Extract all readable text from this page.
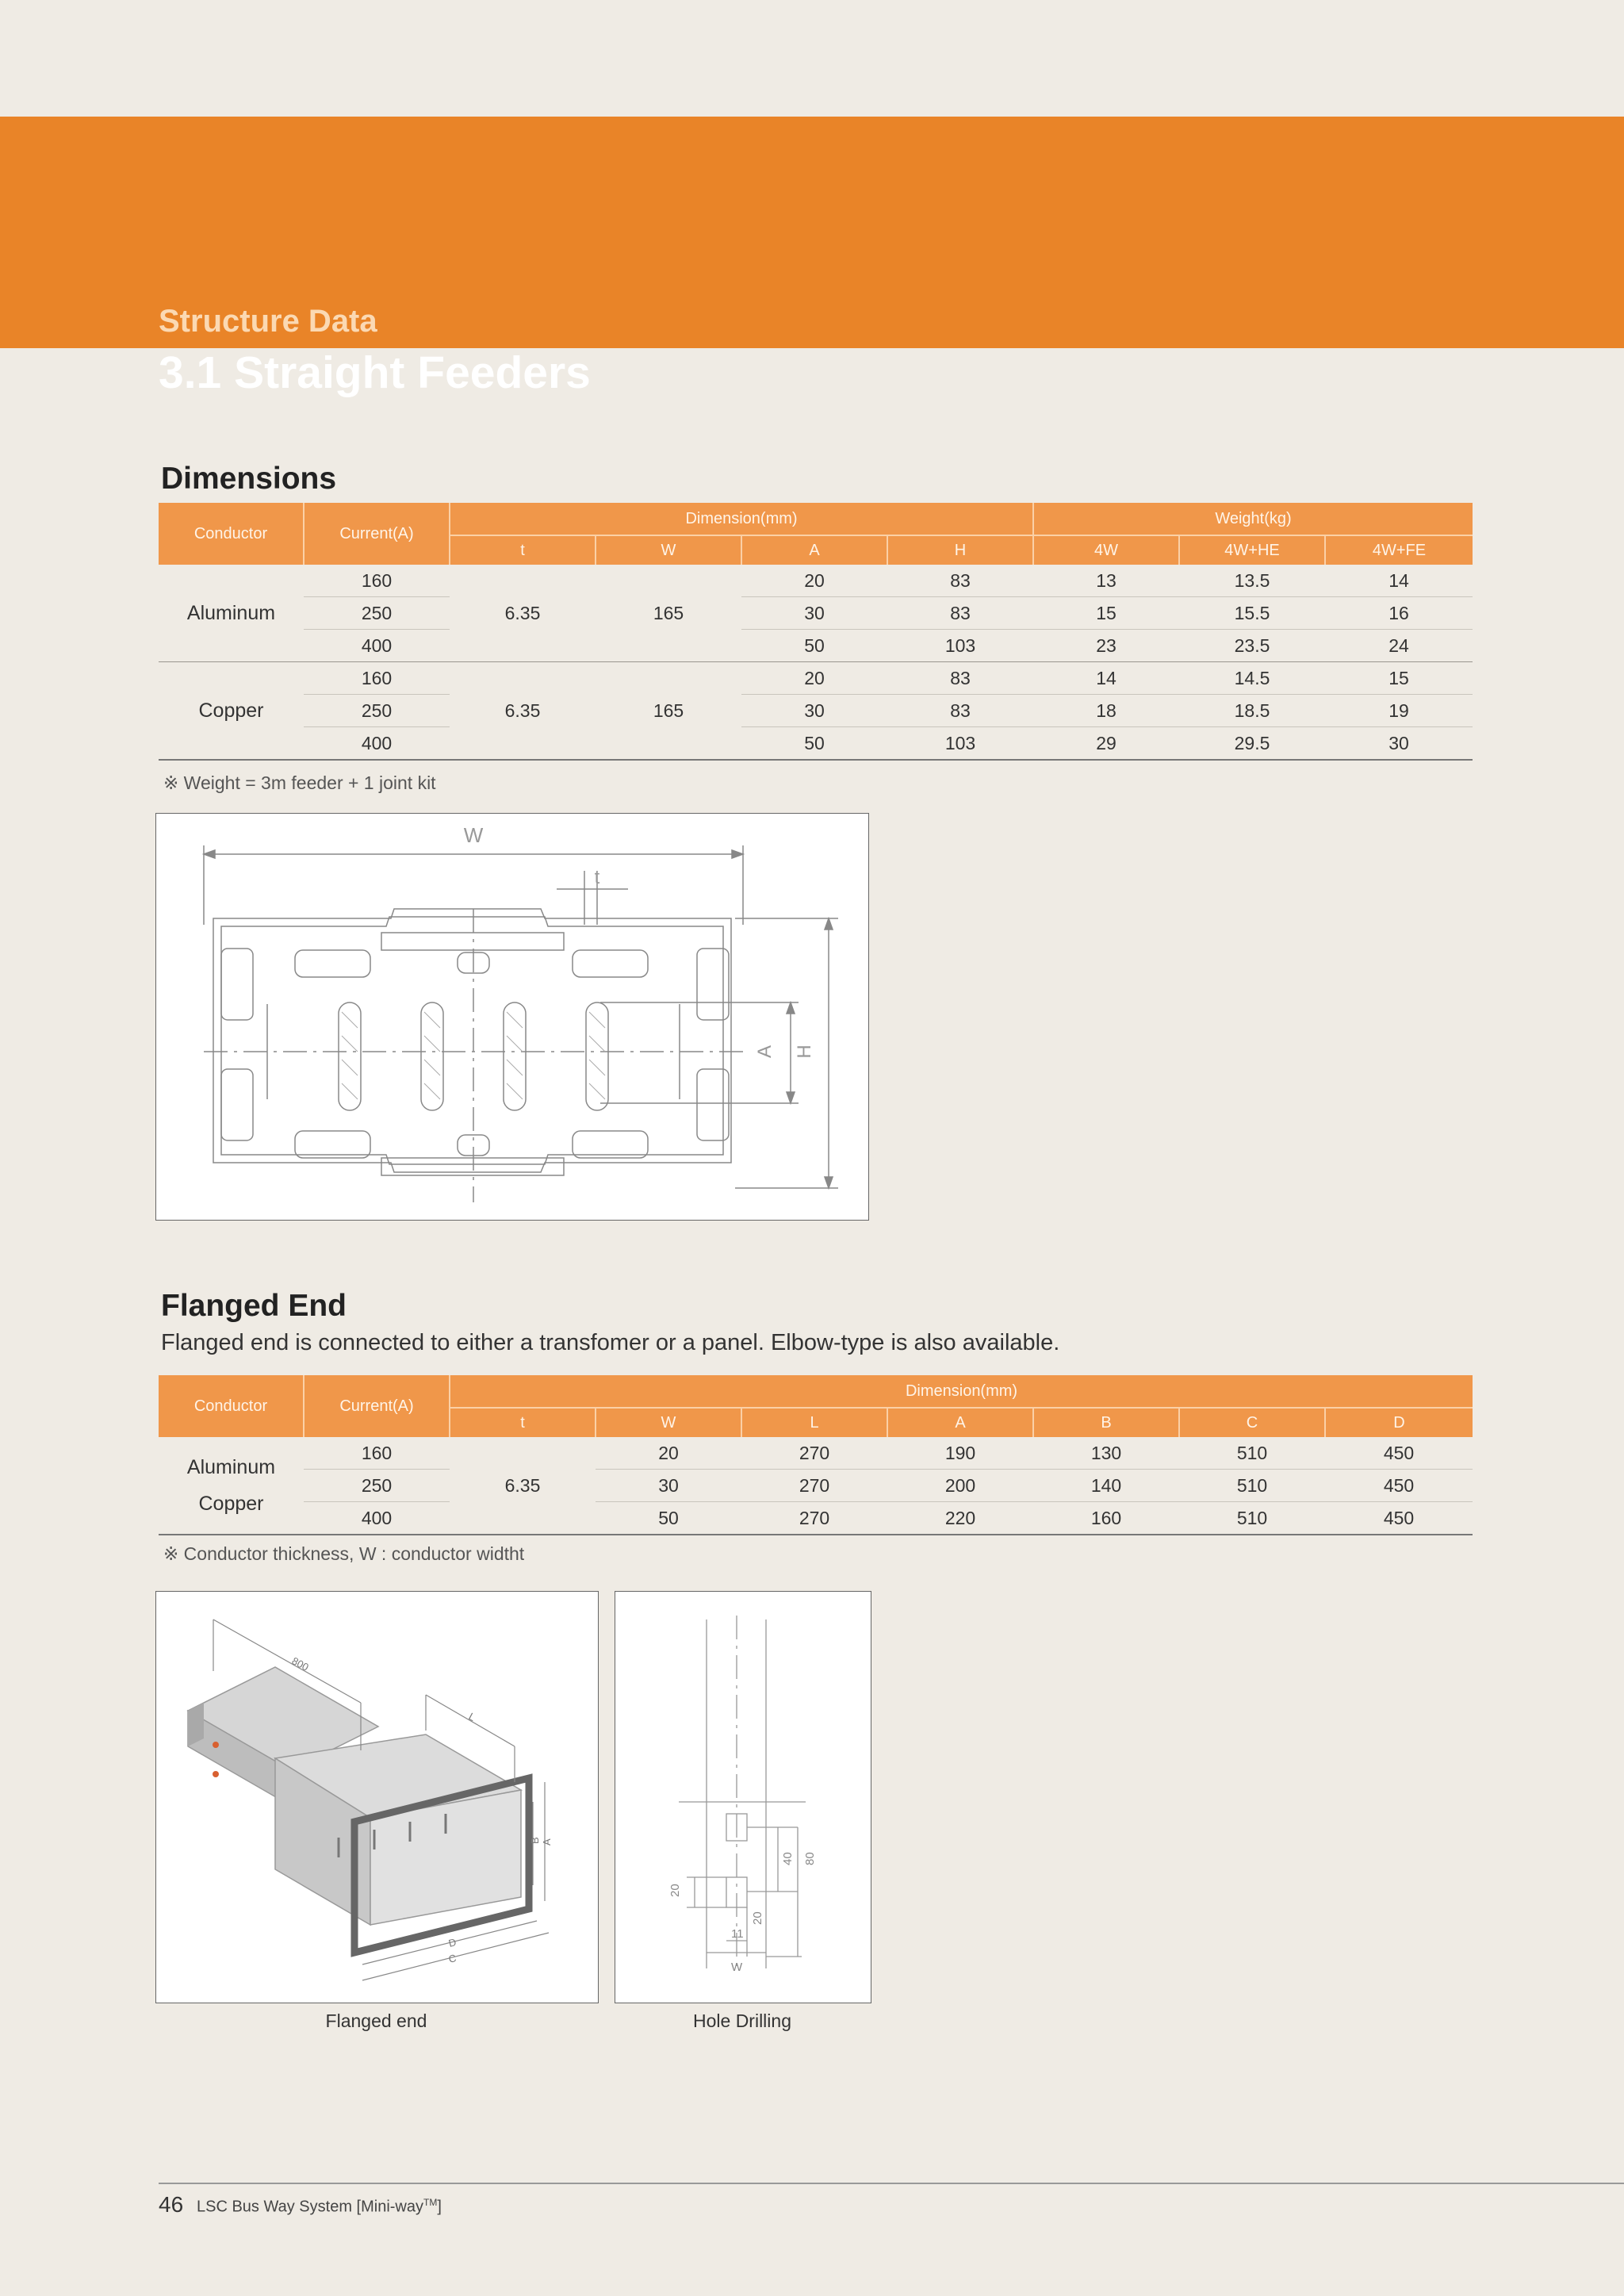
Structure Data
3.1 Straight Feeders
Dimensions
Conductor	Current(A)	Dimension(mm)				Weight(kg)		
		t	W	A	H	4W	4W+HE	4W+FE
Aluminum	160	6.35	165	20	83	13	13.5	14
	250			30	83	15	15.5	16
	400			50	103	23	23.5	24
Copper	160	6.35	165	20	83	14	14.5	15
	250			30	83	18	18.5	19
	400			50	103	29	29.5	30
※ Weight = 3m feeder + 1 joint kit
W
t
A H
Flanged End
Flanged end is connected to either a transfomer or a panel. Elbow-type is also available.
Conductor	Current(A)	Dimension(mm)						
		t	W	L	A	B	C	D

Aluminum
Copper	160	6.35	20	270	190	130	510	450
	250		30	270	200	140	510	450
	400		50	270	220	160	510	450
※ Conductor thickness, W : conductor widtht
800
L
A
B
D
C
Flanged end
20
40 80
20
11
W
Hole Drilling
46 LSC Bus Way System [Mini-way™]
